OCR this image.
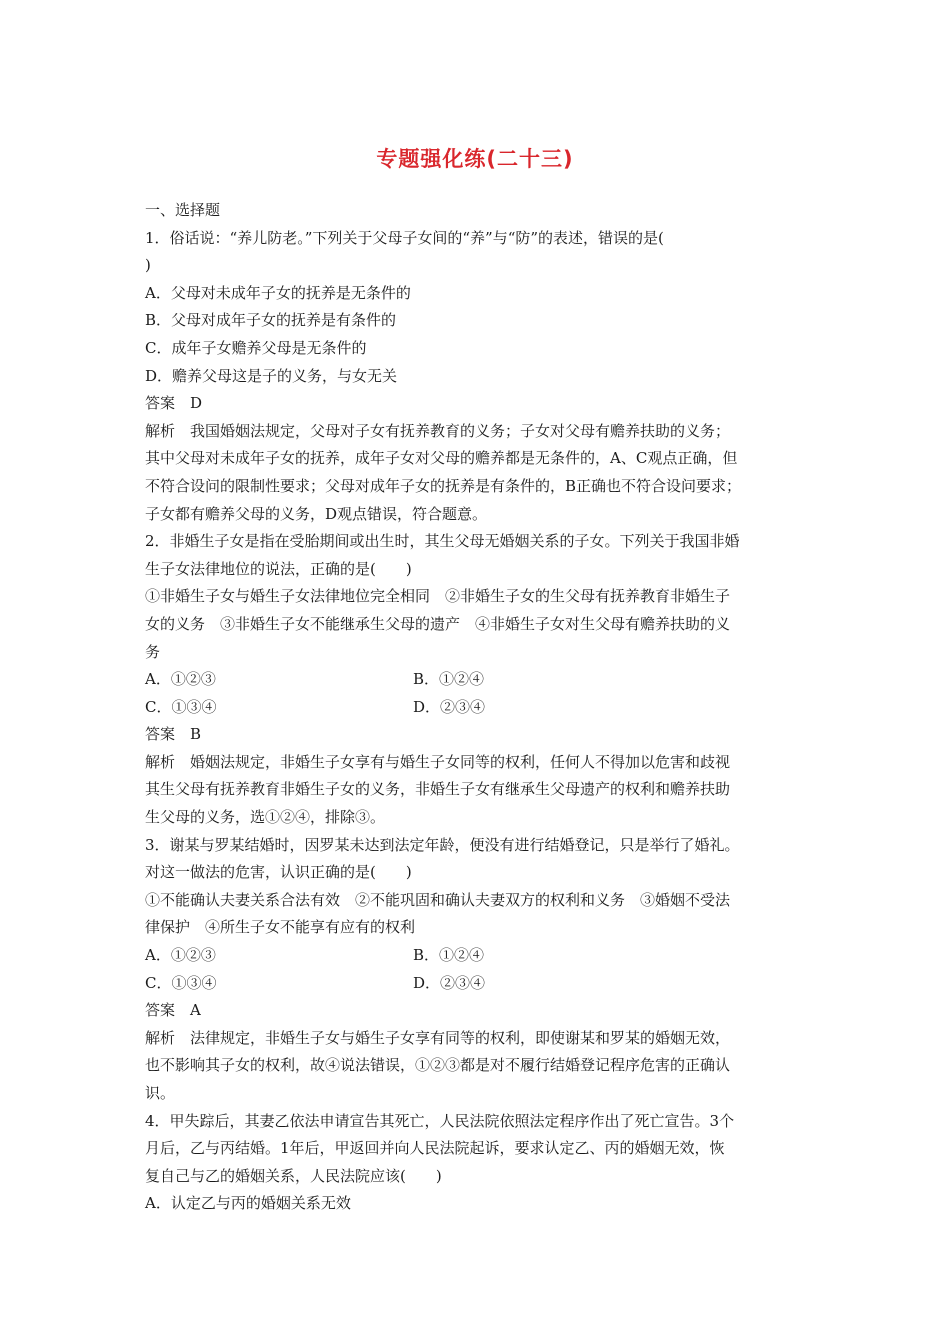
专题强化练(二十三)
一、选择题
1．俗话说：“养儿防老。”下列关于父母子女间的“养”与“防”的表述，错误的是(
)
A．父母对未成年子女的抚养是无条件的
B．父母对成年子女的抚养是有条件的
C．成年子女赡养父母是无条件的
D．赡养父母这是子的义务，与女无关
答案　D
解析　我国婚姻法规定，父母对子女有抚养教育的义务；子女对父母有赡养扶助的义务；
其中父母对未成年子女的抚养，成年子女对父母的赡养都是无条件的，A、C观点正确，但
不符合设问的限制性要求；父母对成年子女的抚养是有条件的，B正确也不符合设问要求；
子女都有赡养父母的义务，D观点错误，符合题意。
2．非婚生子女是指在受胎期间或出生时，其生父母无婚姻关系的子女。下列关于我国非婚
生子女法律地位的说法，正确的是(　　)
①非婚生子女与婚生子女法律地位完全相同　②非婚生子女的生父母有抚养教育非婚生子
女的义务　③非婚生子女不能继承生父母的遗产　④非婚生子女对生父母有赡养扶助的义
务
A．①②③	B．①②④
C．①③④	D．②③④
答案　B
解析　婚姻法规定，非婚生子女享有与婚生子女同等的权利，任何人不得加以危害和歧视
其生父母有抚养教育非婚生子女的义务，非婚生子女有继承生父母遗产的权利和赡养扶助
生父母的义务，选①②④，排除③。
3．谢某与罗某结婚时，因罗某未达到法定年龄，便没有进行结婚登记，只是举行了婚礼。
对这一做法的危害，认识正确的是(　　)
①不能确认夫妻关系合法有效　②不能巩固和确认夫妻双方的权利和义务　③婚姻不受法
律保护　④所生子女不能享有应有的权利
A．①②③	B．①②④
C．①③④	D．②③④
答案　A
解析　法律规定，非婚生子女与婚生子女享有同等的权利，即使谢某和罗某的婚姻无效，
也不影响其子女的权利，故④说法错误，①②③都是对不履行结婚登记程序危害的正确认
识。
4．甲失踪后，其妻乙依法申请宣告其死亡，人民法院依照法定程序作出了死亡宣告。3个
月后，乙与丙结婚。1年后，甲返回并向人民法院起诉，要求认定乙、丙的婚姻无效，恢
复自己与乙的婚姻关系，人民法院应该(　　)
A．认定乙与丙的婚姻关系无效
